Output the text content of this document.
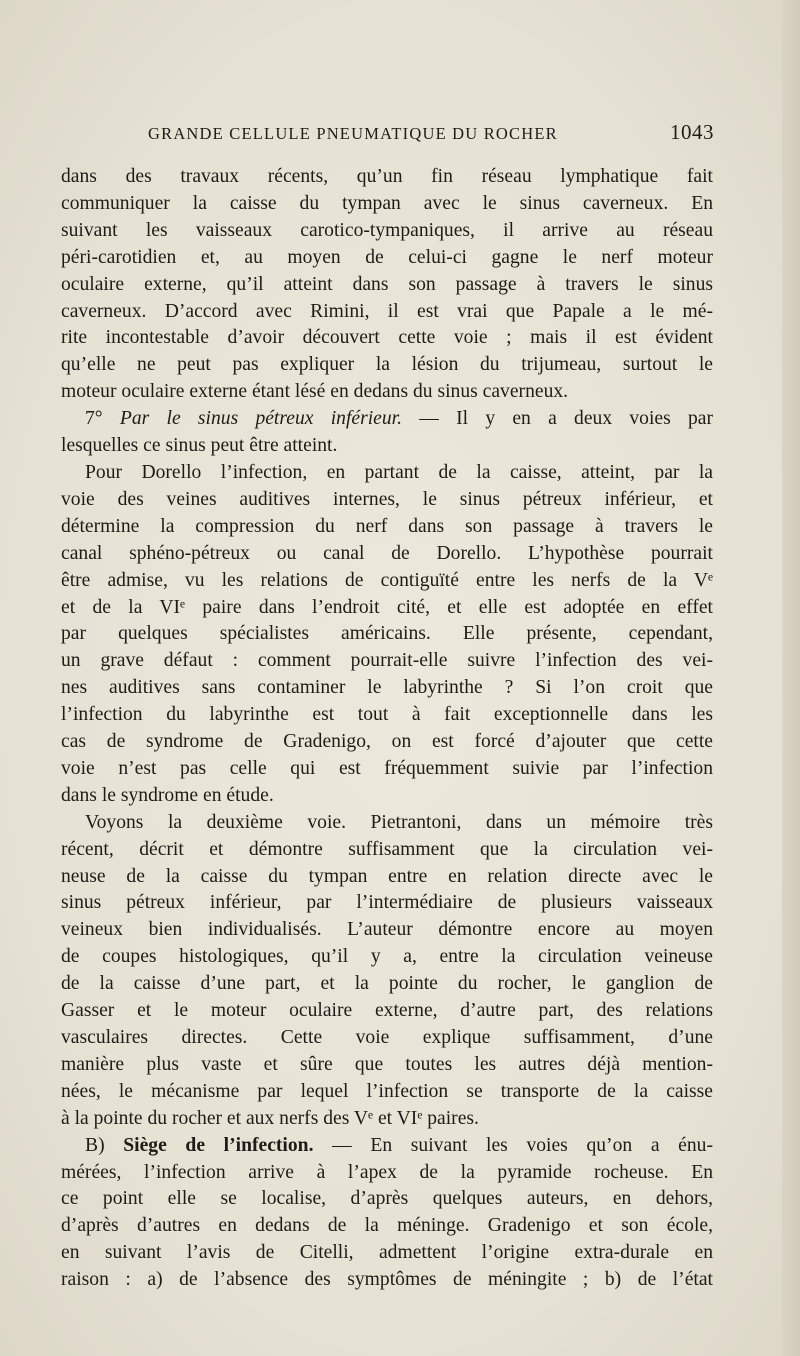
GRANDE CELLULE PNEUMATIQUE DU ROCHER	1043

dans des travaux récents, qu’un fin réseau lymphatique fait

communiquer la caisse du tympan avec le sinus caverneux. En

suivant les vaisseaux carotico-tympaniques, il arrive au réseau

péri-carotidien et, au moyen de celui-ci gagne le nerf moteur

oculaire externe, qu’il atteint dans son passage à travers le sinus

caverneux. D’accord avec Rimini, il est vrai que Papale a le mé-

rite incontestable d’avoir découvert cette voie ; mais il est évident

qu’elle ne peut pas expliquer la lésion du trijumeau, surtout le

moteur oculaire externe étant lésé en dedans du sinus caverneux.

7° Par le sinus pétreux inférieur. — Il y en a deux voies par

lesquelles ce sinus peut être atteint.

Pour Dorello l’infection, en partant de la caisse, atteint, par la

voie des veines auditives internes, le sinus pétreux inférieur, et

détermine la compression du nerf dans son passage à travers le

canal sphéno-pétreux ou canal de Dorello. L’hypothèse pourrait

être admise, vu les relations de contiguïté entre les nerfs de la Vᵉ

et de la VIᵉ paire dans l’endroit cité, et elle est adoptée en effet

par quelques spécialistes américains. Elle présente, cependant,

un grave défaut : comment pourrait-elle suivre l’infection des vei-

nes auditives sans contaminer le labyrinthe ? Si l’on croit que

l’infection du labyrinthe est tout à fait exceptionnelle dans les

cas de syndrome de Gradenigo, on est forcé d’ajouter que cette

voie n’est pas celle qui est fréquemment suivie par l’infection

dans le syndrome en étude.

Voyons la deuxième voie. Pietrantoni, dans un mémoire très

récent, décrit et démontre suffisamment que la circulation vei-

neuse de la caisse du tympan entre en relation directe avec le

sinus pétreux inférieur, par l’intermédiaire de plusieurs vaisseaux

veineux bien individualisés. L’auteur démontre encore au moyen

de coupes histologiques, qu’il y a, entre la circulation veineuse

de la caisse d’une part, et la pointe du rocher, le ganglion de

Gasser et le moteur oculaire externe, d’autre part, des relations

vasculaires directes. Cette voie explique suffisamment, d’une

manière plus vaste et sûre que toutes les autres déjà mention-

nées, le mécanisme par lequel l’infection se transporte de la caisse

à la pointe du rocher et aux nerfs des Vᵉ et VIᵉ paires.

B) Siège de l’infection. — En suivant les voies qu’on a énu-

mérées, l’infection arrive à l’apex de la pyramide rocheuse. En

ce point elle se localise, d’après quelques auteurs, en dehors,

d’après d’autres en dedans de la méninge. Gradenigo et son école,

en suivant l’avis de Citelli, admettent l’origine extra-durale en

raison : a) de l’absence des symptômes de méningite ; b) de l’état
